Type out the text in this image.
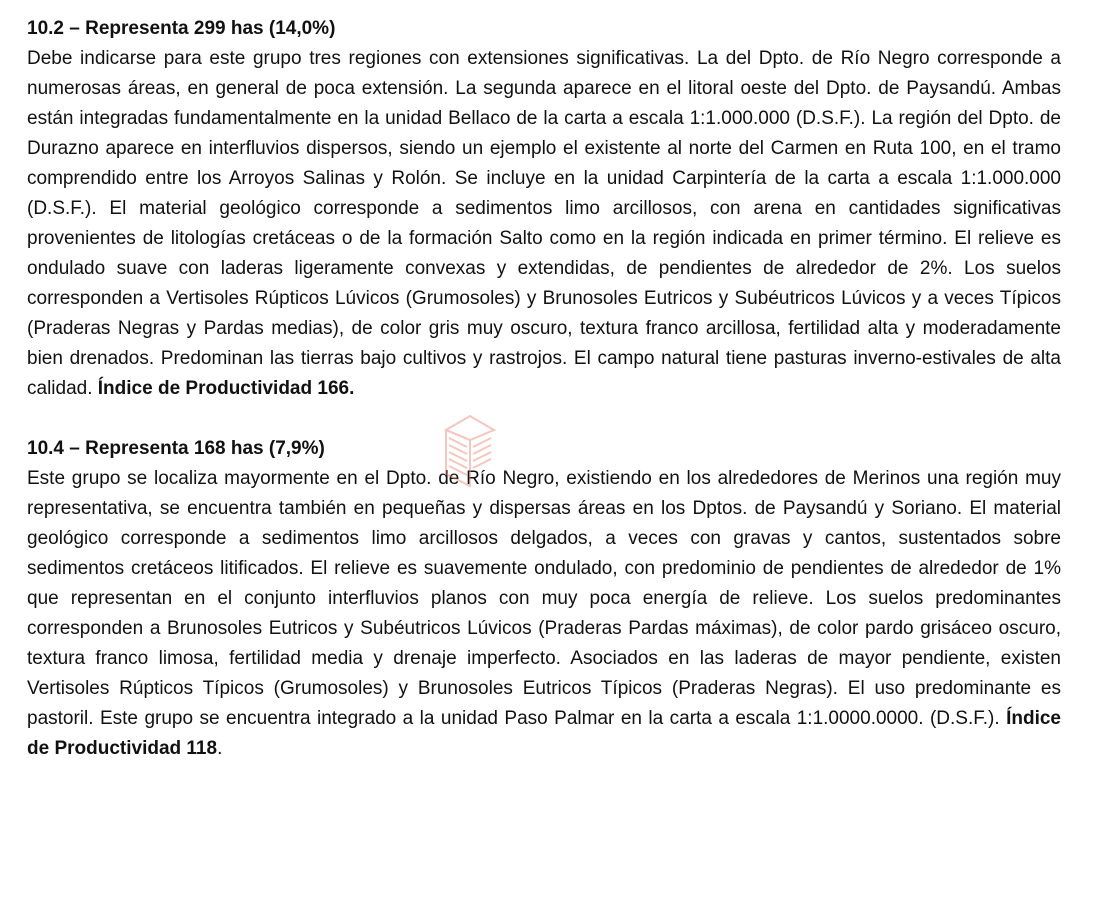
10.2 – Representa 299 has (14,0%)

Debe indicarse para este grupo tres regiones con extensiones significativas. La del Dpto. de Río Negro corresponde a numerosas áreas, en general de poca extensión. La segunda aparece en el litoral oeste del Dpto. de Paysandú. Ambas están integradas fundamentalmente en la unidad Bellaco de la carta a escala 1:1.000.000 (D.S.F.). La región del Dpto. de Durazno aparece en interfluvios dispersos, siendo un ejemplo el existente al norte del Carmen en Ruta 100, en el tramo comprendido entre los Arroyos Salinas y Rolón. Se incluye en la unidad Carpintería de la carta a escala 1:1.000.000 (D.S.F.). El material geológico corresponde a sedimentos limo arcillosos, con arena en cantidades significativas provenientes de litologías cretáceas o de la formación Salto como en la región indicada en primer término. El relieve es ondulado suave con laderas ligeramente convexas y extendidas, de pendientes de alrededor de 2%. Los suelos corresponden a Vertisoles Rúpticos Lúvicos (Grumosoles) y Brunosoles Eutricos y Subéutricos Lúvicos y a veces Típicos (Praderas Negras y Pardas medias), de color gris muy oscuro, textura franco arcillosa, fertilidad alta y moderadamente bien drenados. Predominan las tierras bajo cultivos y rastrojos. El campo natural tiene pasturas inverno-estivales de alta calidad. Índice de Productividad 166.

10.4 – Representa 168 has (7,9%)

Este grupo se localiza mayormente en el Dpto. de Río Negro, existiendo en los alrededores de Merinos una región muy representativa, se encuentra también en pequeñas y dispersas áreas en los Dptos. de Paysandú y Soriano. El material geológico corresponde a sedimentos limo arcillosos delgados, a veces con gravas y cantos, sustentados sobre sedimentos cretáceos litificados. El relieve es suavemente ondulado, con predominio de pendientes de alrededor de 1% que representan en el conjunto interfluvios planos con muy poca energía de relieve. Los suelos predominantes corresponden a Brunosoles Eutricos y Subéutricos Lúvicos (Praderas Pardas máximas), de color pardo grisáceo oscuro, textura franco limosa, fertilidad media y drenaje imperfecto. Asociados en las laderas de mayor pendiente, existen Vertisoles Rúpticos Típicos (Grumosoles) y Brunosoles Eutricos Típicos (Praderas Negras). El uso predominante es pastoril. Este grupo se encuentra integrado a la unidad Paso Palmar en la carta a escala 1:1.0000.0000. (D.S.F.). Índice de Productividad 118.
